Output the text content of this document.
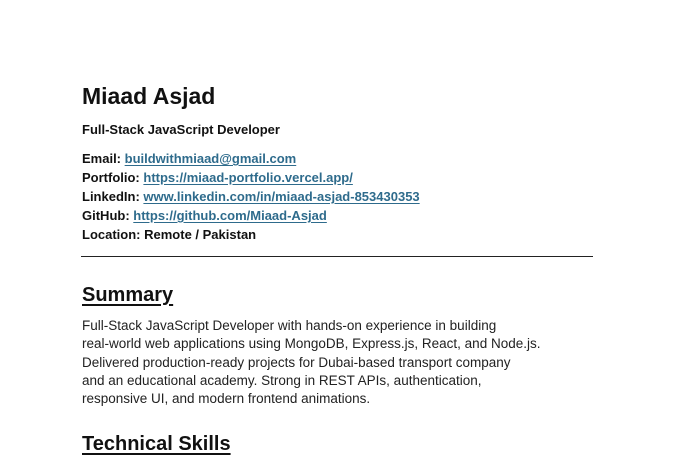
Miaad Asjad
Full-Stack JavaScript Developer
Email: buildwithmiaad@gmail.com
Portfolio: https://miaad-portfolio.vercel.app/
LinkedIn: www.linkedin.com/in/miaad-asjad-853430353
GitHub: https://github.com/Miaad-Asjad
Location: Remote / Pakistan
Summary
Full-Stack JavaScript Developer with hands-on experience in building
real-world web applications using MongoDB, Express.js, React, and Node.js.
Delivered production-ready projects for Dubai-based transport company
and an educational academy. Strong in REST APIs, authentication,
responsive UI, and modern frontend animations.
Technical Skills
